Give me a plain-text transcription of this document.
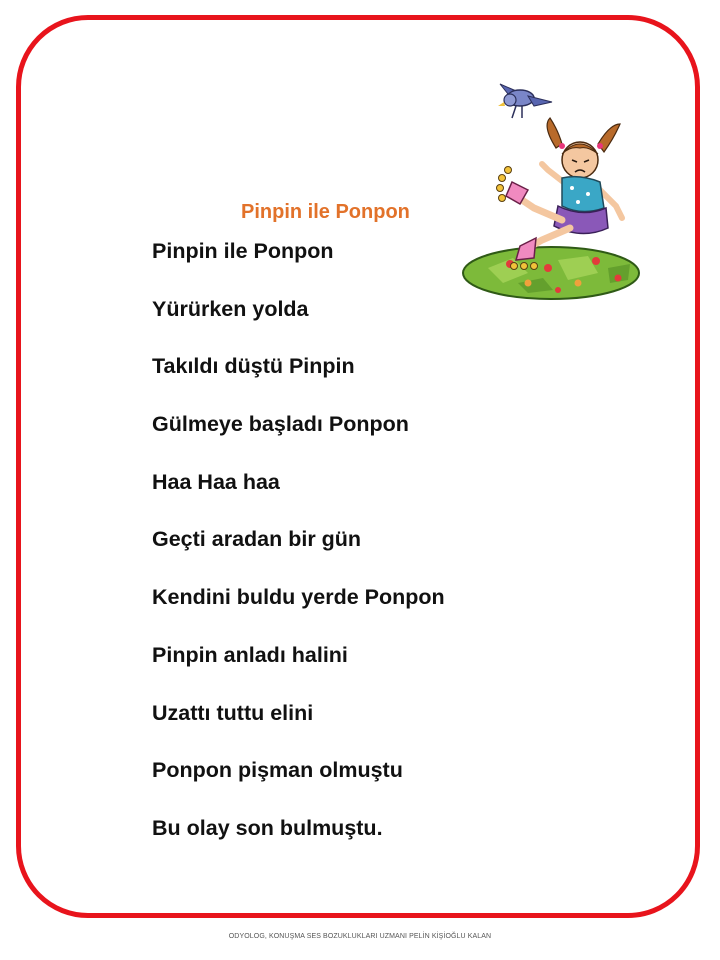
Pinpin ile Ponpon
Pinpin ile Ponpon
Yürürken yolda
Takıldı düştü Pinpin
Gülmeye başladı Ponpon
Haa Haa haa
Geçti aradan bir gün
Kendini buldu yerde Ponpon
Pinpin anladı halini
Uzattı tuttu elini
Ponpon pişman olmuştu
Bu olay son bulmuştu.
ODYOLOG, KONUŞMA SES BOZUKLUKLARI UZMANI PELİN KİŞİOĞLU KALAN
